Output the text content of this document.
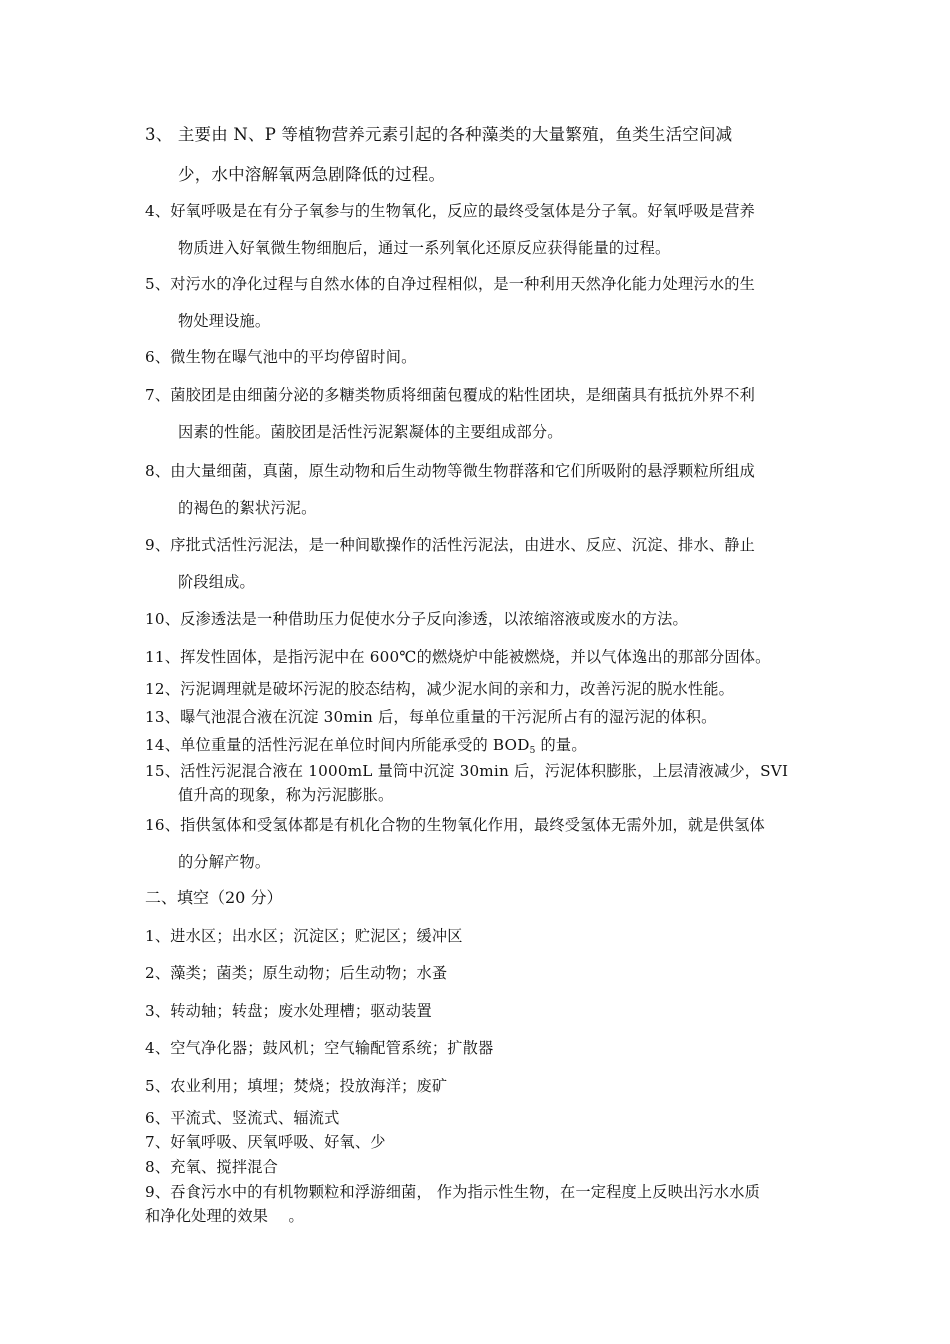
3、 主要由 N、P 等植物营养元素引起的各种藻类的大量繁殖，鱼类生活空间减
少，水中溶解氧两急剧降低的过程。
4、好氧呼吸是在有分子氧参与的生物氧化，反应的最终受氢体是分子氧。好氧呼吸是营养
物质进入好氧微生物细胞后，通过一系列氧化还原反应获得能量的过程。
5、对污水的净化过程与自然水体的自净过程相似，是一种利用天然净化能力处理污水的生
物处理设施。
6、微生物在曝气池中的平均停留时间。
7、菌胶团是由细菌分泌的多糖类物质将细菌包覆成的粘性团块，是细菌具有抵抗外界不利
因素的性能。菌胶团是活性污泥絮凝体的主要组成部分。
8、由大量细菌，真菌，原生动物和后生动物等微生物群落和它们所吸附的悬浮颗粒所组成
的褐色的絮状污泥。
9、序批式活性污泥法，是一种间歇操作的活性污泥法，由进水、反应、沉淀、排水、静止
阶段组成。
10、反渗透法是一种借助压力促使水分子反向渗透，以浓缩溶液或废水的方法。
11、挥发性固体，是指污泥中在 600℃的燃烧炉中能被燃烧，并以气体逸出的那部分固体。
12、污泥调理就是破坏污泥的胶态结构，减少泥水间的亲和力，改善污泥的脱水性能。
13、曝气池混合液在沉淀 30min 后，每单位重量的干污泥所占有的湿污泥的体积。
14、单位重量的活性污泥在单位时间内所能承受的 $BOD_5$ 的量。
15、活性污泥混合液在 1000mL 量筒中沉淀 30min 后，污泥体积膨胀，上层清液减少，SVI
值升高的现象，称为污泥膨胀。
16、指供氢体和受氢体都是有机化合物的生物氧化作用，最终受氢体无需外加，就是供氢体
的分解产物。
二、填空（20 分）
1、进水区；出水区；沉淀区；贮泥区；缓冲区
2、藻类；菌类；原生动物；后生动物；水蚤
3、转动轴；转盘；废水处理槽；驱动装置
4、空气净化器；鼓风机；空气输配管系统；扩散器
5、农业利用；填埋；焚烧；投放海洋；废矿
6、平流式、竖流式、辐流式
7、好氧呼吸、厌氧呼吸、好氧、少
8、充氧、搅拌混合
9、吞食污水中的有机物颗粒和浮游细菌， 作为指示性生物，在一定程度上反映出污水水质
和净化处理的效果　 。
